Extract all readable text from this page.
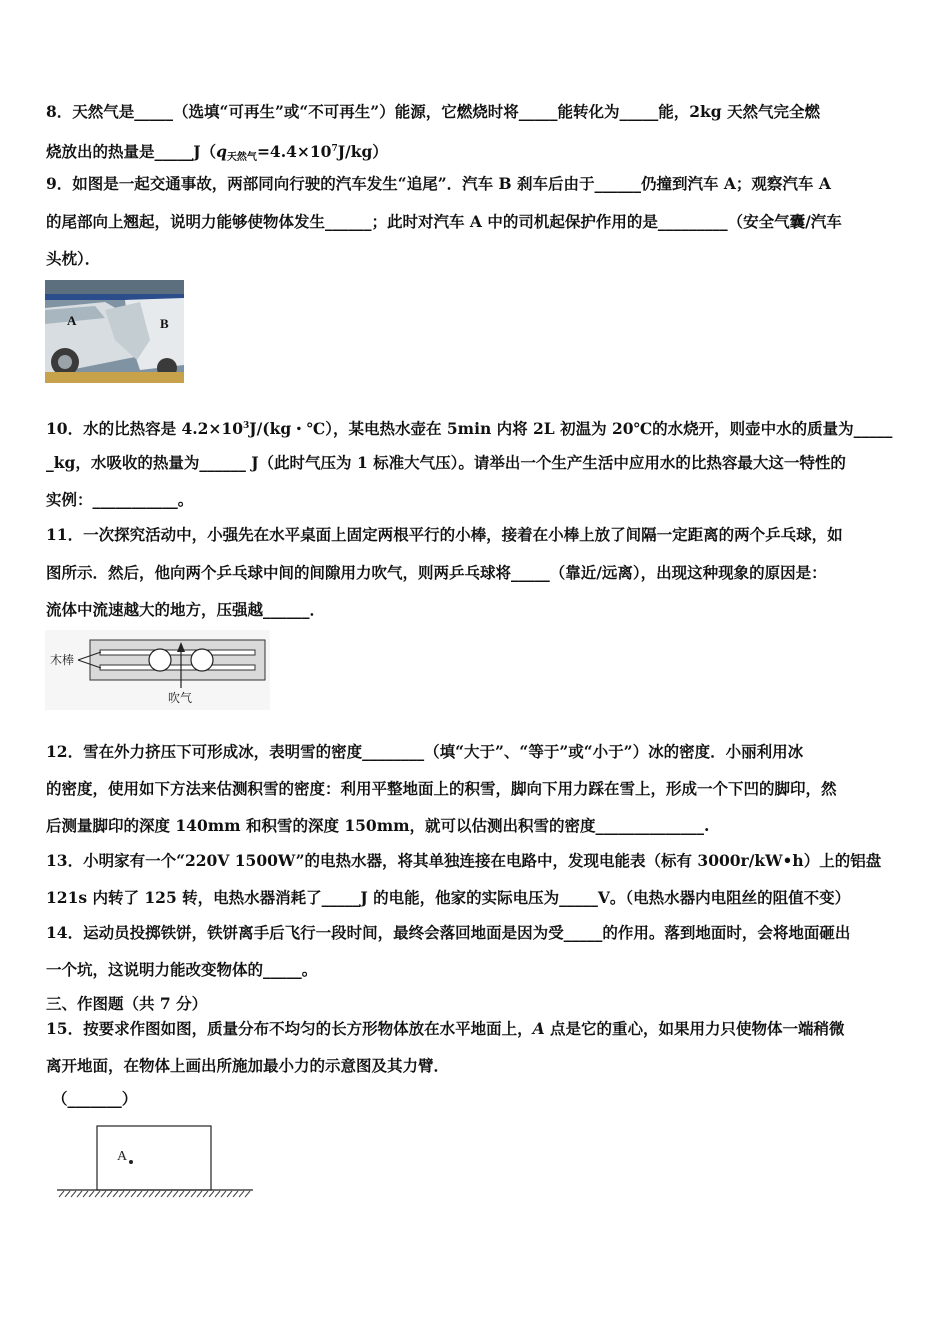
8．天然气是_____（选填“可再生”或“不可再生”）能源，它燃烧时将_____能转化为_____能，2kg 天然气完全燃
烧放出的热量是$\_\_\_\_\_J(q_{天然气}=4.4\times 10^7J/kg)$
9．如图是一起交通事故，两部同向行驶的汽车发生“追尾”．汽车 B 刹车后由于______仍撞到汽车 A；观察汽车 A
的尾部向上翘起，说明力能够使物体发生______；此时对汽车 A 中的司机起保护作用的是_________（安全气囊/汽车
头枕）．
A	B
10．水的比热容是 $4.2\times 10^3J/(kg$・℃），某电热水壶在 5min 内将 2L 初温为 20℃的水烧开，则壶中水的质量为_____
_kg，水吸收的热量为______ J（此时气压为 1 标准大气压）。请举出一个生产生活中应用水的比热容最大这一特性的
实例：___________。
11．一次探究活动中，小强先在水平桌面上固定两根平行的小棒，接着在小棒上放了间隔一定距离的两个乒乓球，如
图所示．然后，他向两个乒乓球中间的间隙用力吹气，则两乒乓球将_____（靠近/远离），出现这种现象的原因是：
流体中流速越大的地方，压强越______．
木棒
吹气
12．雪在外力挤压下可形成冰，表明雪的密度________（填“大于”、“等于”或“小于”）冰的密度．小丽利用冰
的密度，使用如下方法来估测积雪的密度：利用平整地面上的积雪，脚向下用力踩在雪上，形成一个下凹的脚印，然
后测量脚印的深度 140mm 和积雪的深度 150mm，就可以估测出积雪的密度______________.
13．小明家有一个“220V 1500W”的电热水器，将其单独连接在电路中，发现电能表（标有 3000r/kW•h）上的铝盘
121s 内转了 125 转，电热水器消耗了_____J 的电能，他家的实际电压为_____V。（电热水器内电阻丝的阻值不变）
14．运动员投掷铁饼，铁饼离手后飞行一段时间，最终会落回地面是因为受_____的作用。落到地面时，会将地面砸出
一个坑，这说明力能改变物体的_____。
三、作图题（共 7 分）
15．按要求作图如图，质量分布不均匀的长方形物体放在水平地面上，A 点是它的重心，如果用力只使物体一端稍微
离开地面，在物体上画出所施加最小力的示意图及其力臂．
（_______）
A
